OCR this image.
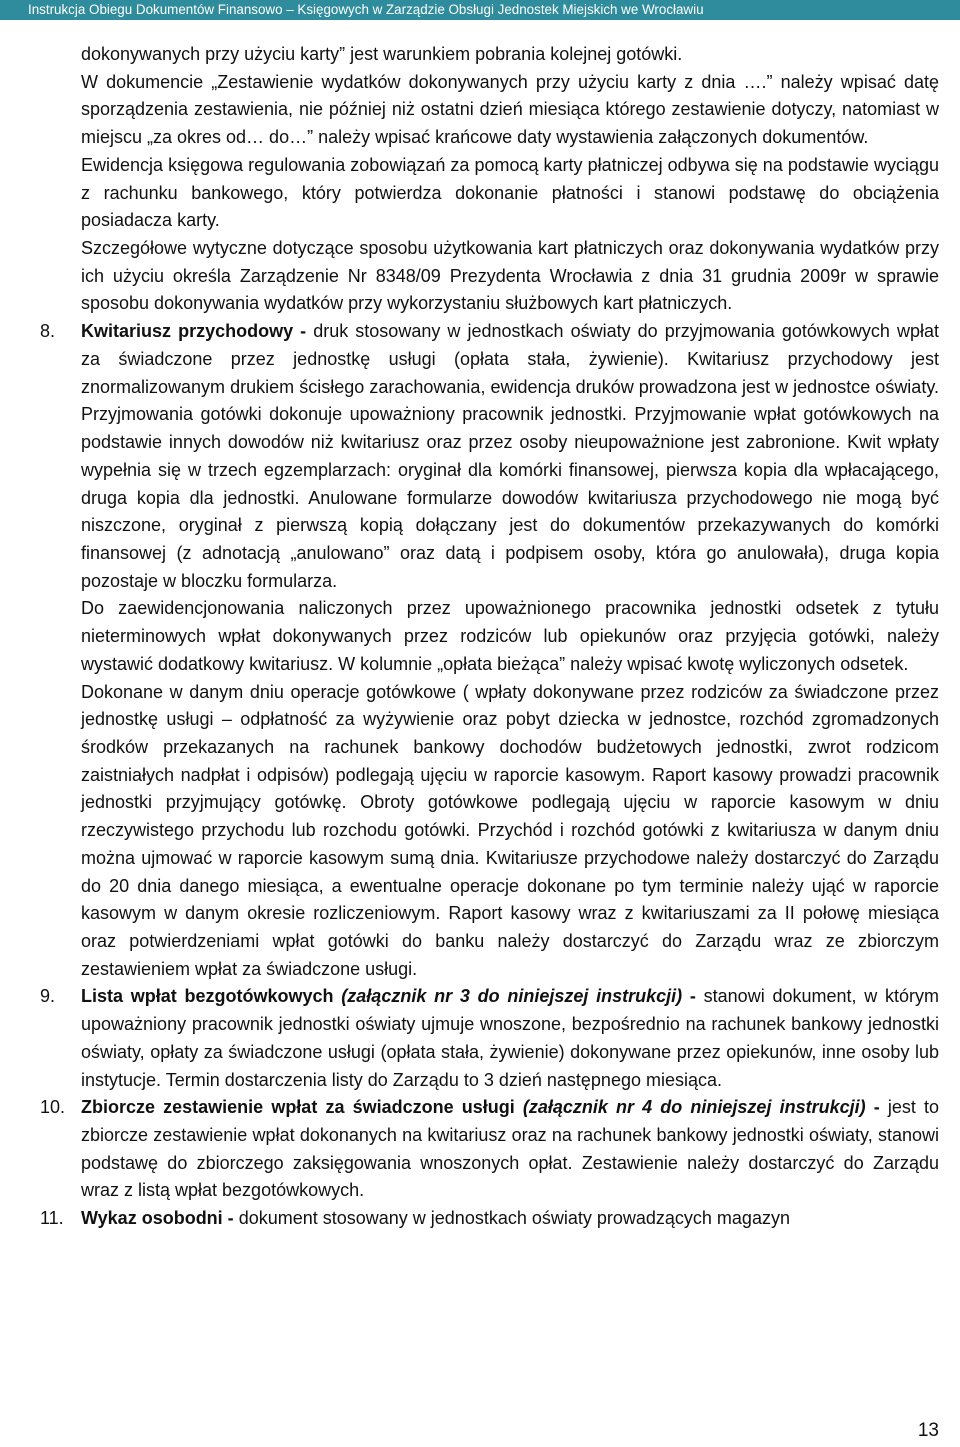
Instrukcja Obiegu Dokumentów Finansowo – Księgowych w Zarządzie Obsługi Jednostek Miejskich we Wrocławiu

dokonywanych przy użyciu karty” jest warunkiem pobrania kolejnej gotówki.

W dokumencie „Zestawienie wydatków dokonywanych przy użyciu karty z dnia ….” należy wpisać datę sporządzenia zestawienia, nie później niż ostatni dzień miesiąca którego zestawienie dotyczy, natomiast w miejscu „za okres od… do…” należy wpisać krańcowe daty wystawienia załączonych dokumentów.

Ewidencja księgowa regulowania zobowiązań za pomocą karty płatniczej odbywa się na podstawie wyciągu z rachunku bankowego, który potwierdza dokonanie płatności i stanowi podstawę do obciążenia posiadacza karty.

Szczegółowe wytyczne dotyczące sposobu użytkowania kart płatniczych oraz dokonywania wydatków przy ich użyciu określa Zarządzenie Nr 8348/09 Prezydenta Wrocławia z dnia 31 grudnia 2009r w sprawie sposobu dokonywania wydatków przy wykorzystaniu służbowych kart płatniczych.

8. Kwitariusz przychodowy - druk stosowany w jednostkach oświaty do przyjmowania gotówkowych wpłat za świadczone przez jednostkę usługi (opłata stała, żywienie). Kwitariusz przychodowy jest znormalizowanym drukiem ścisłego zarachowania, ewidencja druków prowadzona jest w jednostce oświaty. Przyjmowania gotówki dokonuje upoważniony pracownik jednostki. Przyjmowanie wpłat gotówkowych na podstawie innych dowodów niż kwitariusz oraz przez osoby nieupoważnione jest zabronione. Kwit wpłaty wypełnia się w trzech egzemplarzach: oryginał dla komórki finansowej, pierwsza kopia dla wpłacającego, druga kopia dla jednostki. Anulowane formularze dowodów kwitariusza przychodowego nie mogą być niszczone, oryginał z pierwszą kopią dołączany jest do dokumentów przekazywanych do komórki finansowej (z adnotacją „anulowano” oraz datą i podpisem osoby, która go anulowała), druga kopia pozostaje w bloczku formularza.

Do zaewidencjonowania naliczonych przez upoważnionego pracownika jednostki odsetek z tytułu nieterminowych wpłat dokonywanych przez rodziców lub opiekunów oraz przyjęcia gotówki, należy wystawić dodatkowy kwitariusz. W kolumnie „opłata bieżąca” należy wpisać kwotę wyliczonych odsetek.

Dokonane w danym dniu operacje gotówkowe ( wpłaty dokonywane przez rodziców za świadczone przez jednostkę usługi – odpłatność za wyżywienie oraz pobyt dziecka w jednostce, rozchód zgromadzonych środków przekazanych na rachunek bankowy dochodów budżetowych jednostki, zwrot rodzicom zaistniałych nadpłat i odpisów) podlegają ujęciu w raporcie kasowym. Raport kasowy prowadzi pracownik jednostki przyjmujący gotówkę. Obroty gotówkowe podlegają ujęciu w raporcie kasowym w dniu rzeczywistego przychodu lub rozchodu gotówki. Przychód i rozchód gotówki z kwitariusza w danym dniu można ujmować w raporcie kasowym sumą dnia. Kwitariusze przychodowe należy dostarczyć do Zarządu do 20 dnia danego miesiąca, a ewentualne operacje dokonane po tym terminie należy ująć w raporcie kasowym w danym okresie rozliczeniowym. Raport kasowy wraz z kwitariuszami za II połowę miesiąca oraz potwierdzeniami wpłat gotówki do banku należy dostarczyć do Zarządu wraz ze zbiorczym zestawieniem wpłat za świadczone usługi.

9. Lista wpłat bezgotówkowych (załącznik nr 3 do niniejszej instrukcji) - stanowi dokument, w którym upoważniony pracownik jednostki oświaty ujmuje wnoszone, bezpośrednio na rachunek bankowy jednostki oświaty, opłaty za świadczone usługi (opłata stała, żywienie) dokonywane przez opiekunów, inne osoby lub instytucje. Termin dostarczenia listy do Zarządu to 3 dzień następnego miesiąca.

10. Zbiorcze zestawienie wpłat za świadczone usługi (załącznik nr 4 do niniejszej instrukcji) - jest to zbiorcze zestawienie wpłat dokonanych na kwitariusz oraz na rachunek bankowy jednostki oświaty, stanowi podstawę do zbiorczego zaksięgowania wnoszonych opłat. Zestawienie należy dostarczyć do Zarządu wraz z listą wpłat bezgotówkowych.

11. Wykaz osobodni - dokument stosowany w jednostkach oświaty prowadzących magazyn

13
